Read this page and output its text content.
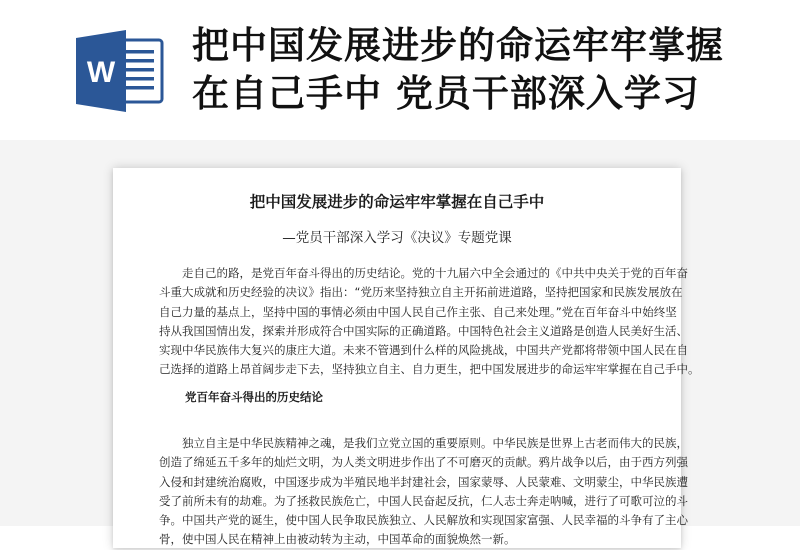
W
把中国发展进步的命运牢牢掌握
在自己手中 党员干部深入学习
把中国发展进步的命运牢牢掌握在自己手中
—党员干部深入学习《决议》专题党课
　　走自己的路，是党百年奋斗得出的历史结论。党的十九届六中全会通过的《中共中央关于党的百年奋
斗重大成就和历史经验的决议》指出：“党历来坚持独立自主开拓前进道路，坚持把国家和民族发展放在
自己力量的基点上，坚持中国的事情必须由中国人民自己作主张、自己来处理。”党在百年奋斗中始终坚
持从我国国情出发，探索并形成符合中国实际的正确道路。中国特色社会主义道路是创造人民美好生活、
实现中华民族伟大复兴的康庄大道。未来不管遇到什么样的风险挑战，中国共产党都将带领中国人民在自
己选择的道路上昂首阔步走下去，坚持独立自主、自力更生，把中国发展进步的命运牢牢掌握在自己手中。
党百年奋斗得出的历史结论
　　独立自主是中华民族精神之魂，是我们立党立国的重要原则。中华民族是世界上古老而伟大的民族，
创造了绵延五千多年的灿烂文明，为人类文明进步作出了不可磨灭的贡献。鸦片战争以后，由于西方列强
入侵和封建统治腐败，中国逐步成为半殖民地半封建社会，国家蒙辱、人民蒙难、文明蒙尘，中华民族遭
受了前所未有的劫难。为了拯救民族危亡，中国人民奋起反抗，仁人志士奔走呐喊，进行了可歌可泣的斗
争。中国共产党的诞生，使中国人民争取民族独立、人民解放和实现国家富强、人民幸福的斗争有了主心
骨，使中国人民在精神上由被动转为主动，中国革命的面貌焕然一新。
